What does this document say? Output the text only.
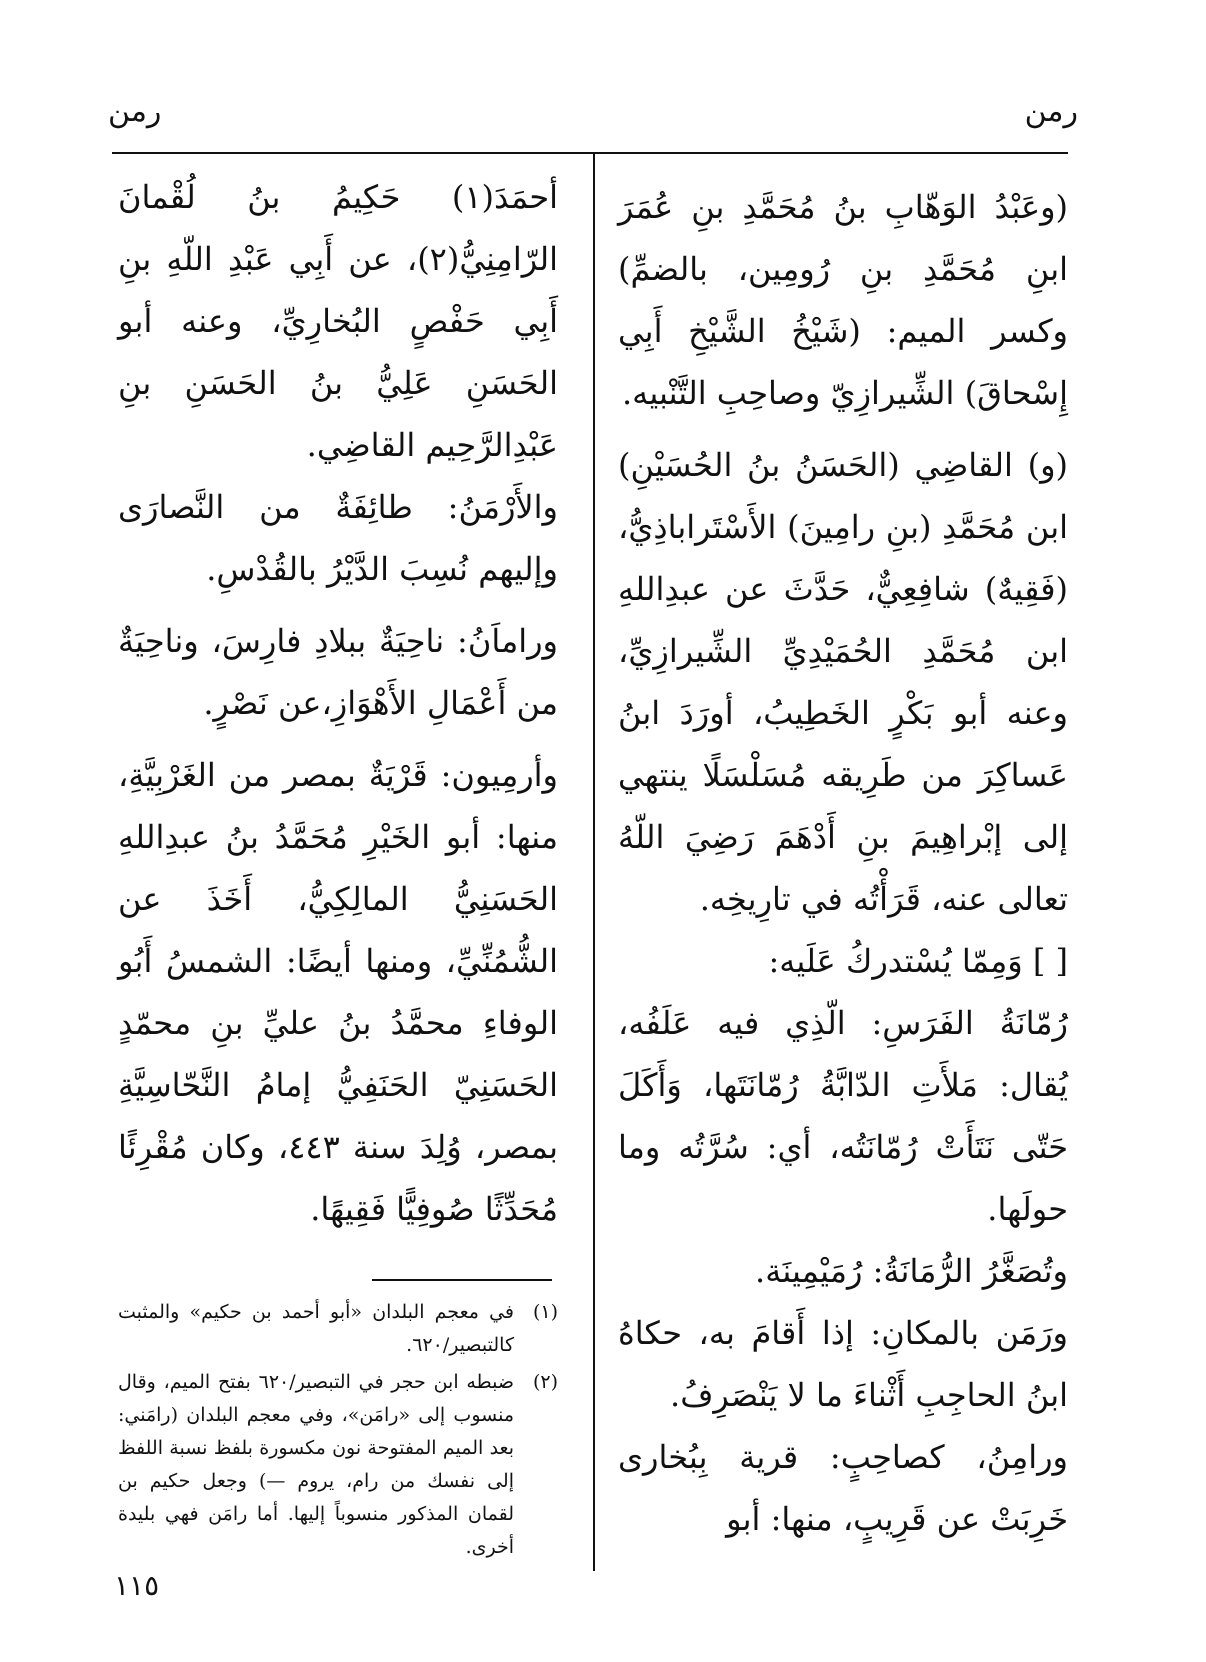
رمن
رمن

(وعَبْدُ الوَهّابِ بنُ مُحَمَّدِ بنِ عُمَرَ ابنِ مُحَمَّدِ بنِ رُومِين، بالضمِّ) وكسر الميم: (شَيْخُ الشَّيْخِ أَبِي إِسْحاقَ) الشِّيرازِيّ وصاحِبِ التَّنْبيه.

(و) القاضِي (الحَسَنُ بنُ الحُسَيْنِ) ابن مُحَمَّدِ (بنِ رامِينَ) الأَسْتَراباذِيُّ، (فَقِيهٌ) شافِعِيٌّ، حَدَّثَ عن عبدِاللهِ ابن مُحَمَّدِ الحُمَيْدِيِّ الشِّيرازِيِّ، وعنه أبو بَكْرٍ الخَطِيبُ، أورَدَ ابنُ عَساكِرَ من طَرِيقه مُسَلْسَلًا ينتهي إلى إبْراهِيمَ بنِ أَدْهَمَ رَضِيَ اللّهُ تعالى عنه، قَرَأْتُه في تارِيخِه.

[ ] وَمِمّا يُسْتدركُ عَلَيه:

رُمّانَةُ الفَرَسِ: الّذِي فيه عَلَفُه، يُقال: مَلأَتِ الدّابَّةُ رُمّانَتَها، وَأَكَلَ حَتّى نَتَأَتْ رُمّانَتُه، أي: سُرَّتُه وما حولَها.

وتُصَغَّرُ الرُّمَانَةُ: رُمَيْمِينَة.

ورَمَن بالمكانِ: إذا أَقامَ به، حكاهُ ابنُ الحاجِبِ أَثْناءَ ما لا يَنْصَرِفُ.

ورامِنُ، كصاحِبٍ: قرية بِبُخارى خَرِبَتْ عن قَرِيبٍ، منها: أبو

أحمَدَ(١) حَكِيمُ بنُ لُقْمانَ الرّامِنِيُّ(٢)، عن أَبِي عَبْدِ اللّهِ بنِ أَبِي حَفْصٍ البُخارِيِّ، وعنه أبو الحَسَنِ عَلِيُّ بنُ الحَسَنِ بنِ عَبْدِالرَّحِيم القاضِي.

والأَرْمَنُ: طائِفَةٌ من النَّصارَى وإليهم نُسِبَ الدَّيْرُ بالقُدْسِ.

وراماَنُ: ناحِيَةٌ ببلادِ فارِسَ، وناحِيَةٌ من أَعْمَالِ الأَهْوَازِ،عن نَصْرٍ.

وأرمِيون: قَرْيَةٌ بمصر من الغَرْبِيَّةِ، منها: أبو الخَيْرِ مُحَمَّدُ بنُ عبدِاللهِ الحَسَنِيُّ المالِكِيُّ، أَخَذَ عن الشُّمُنِّيِّ، ومنها أيضًا: الشمسُ أَبُو الوفاءِ محمَّدُ بنُ عليِّ بنِ محمّدٍ الحَسَنِيّ الحَنَفِيُّ إمامُ النَّحّاسِيَّةِ بمصر، وُلِدَ سنة ٤٤٣، وكان مُقْرِئًا مُحَدِّثًا صُوفِيًّا فَقِيهًا.

(١)
في معجم البلدان «أبو أحمد بن حكيم» والمثبت كالتبصير/٦٢٠.
(٢)
ضبطه ابن حجر في التبصير/٦٢٠ بفتح الميم، وقال منسوب إلى «رامَن»، وفي معجم البلدان (رامَني: بعد الميم المفتوحة نون مكسورة بلفظ نسبة اللفظ إلى نفسك من رام، يروم —) وجعل حكيم بن لقمان المذكور منسوباً إليها. أما رامَن فهي بليدة أخرى.
١١٥
